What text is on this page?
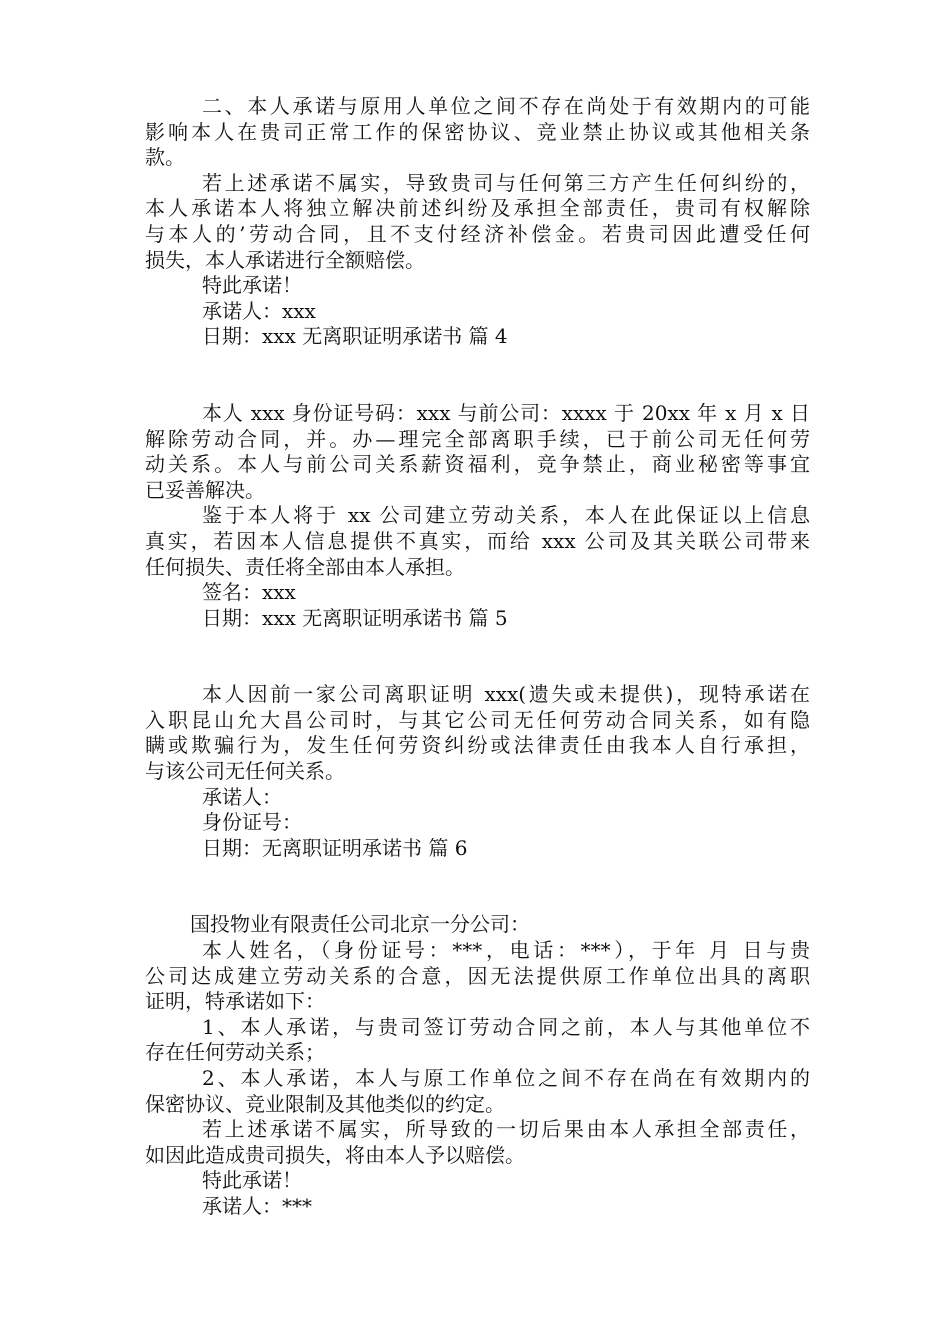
二、本人承诺与原用人单位之间不存在尚处于有效期内的可能

影响本人在贵司正常工作的保密协议、竞业禁止协议或其他相关条

款。

若上述承诺不属实，导致贵司与任何第三方产生任何纠纷的，

本人承诺本人将独立解决前述纠纷及承担全部责任，贵司有权解除

与本人的’劳动合同，且不支付经济补偿金。若贵司因此遭受任何

损失，本人承诺进行全额赔偿。

特此承诺！

承诺人：xxx

日期：xxx 无离职证明承诺书 篇 4

本人 xxx 身份证号码：xxx 与前公司：xxxx 于 20xx 年 x 月 x 日

解除劳动合同，并。办—理完全部离职手续，已于前公司无任何劳

动关系。本人与前公司关系薪资福利，竞争禁止，商业秘密等事宜

已妥善解决。

鉴于本人将于 xx 公司建立劳动关系，本人在此保证以上信息

真实，若因本人信息提供不真实，而给 xxx 公司及其关联公司带来

任何损失、责任将全部由本人承担。

签名：xxx

日期：xxx 无离职证明承诺书 篇 5

本人因前一家公司离职证明 xxx(遗失或未提供)，现特承诺在

入职昆山允大昌公司时，与其它公司无任何劳动合同关系，如有隐

瞒或欺骗行为，发生任何劳资纠纷或法律责任由我本人自行承担，

与该公司无任何关系。

承诺人：

身份证号：

日期：无离职证明承诺书 篇 6

国投物业有限责任公司北京一分公司：

本人姓名，（身份证号：***，电话：***），于年 月 日与贵

公司达成建立劳动关系的合意，因无法提供原工作单位出具的离职

证明，特承诺如下：

1、本人承诺，与贵司签订劳动合同之前，本人与其他单位不

存在任何劳动关系；

2、本人承诺，本人与原工作单位之间不存在尚在有效期内的

保密协议、竞业限制及其他类似的约定。

若上述承诺不属实，所导致的一切后果由本人承担全部责任，

如因此造成贵司损失，将由本人予以赔偿。

特此承诺！

承诺人：***
